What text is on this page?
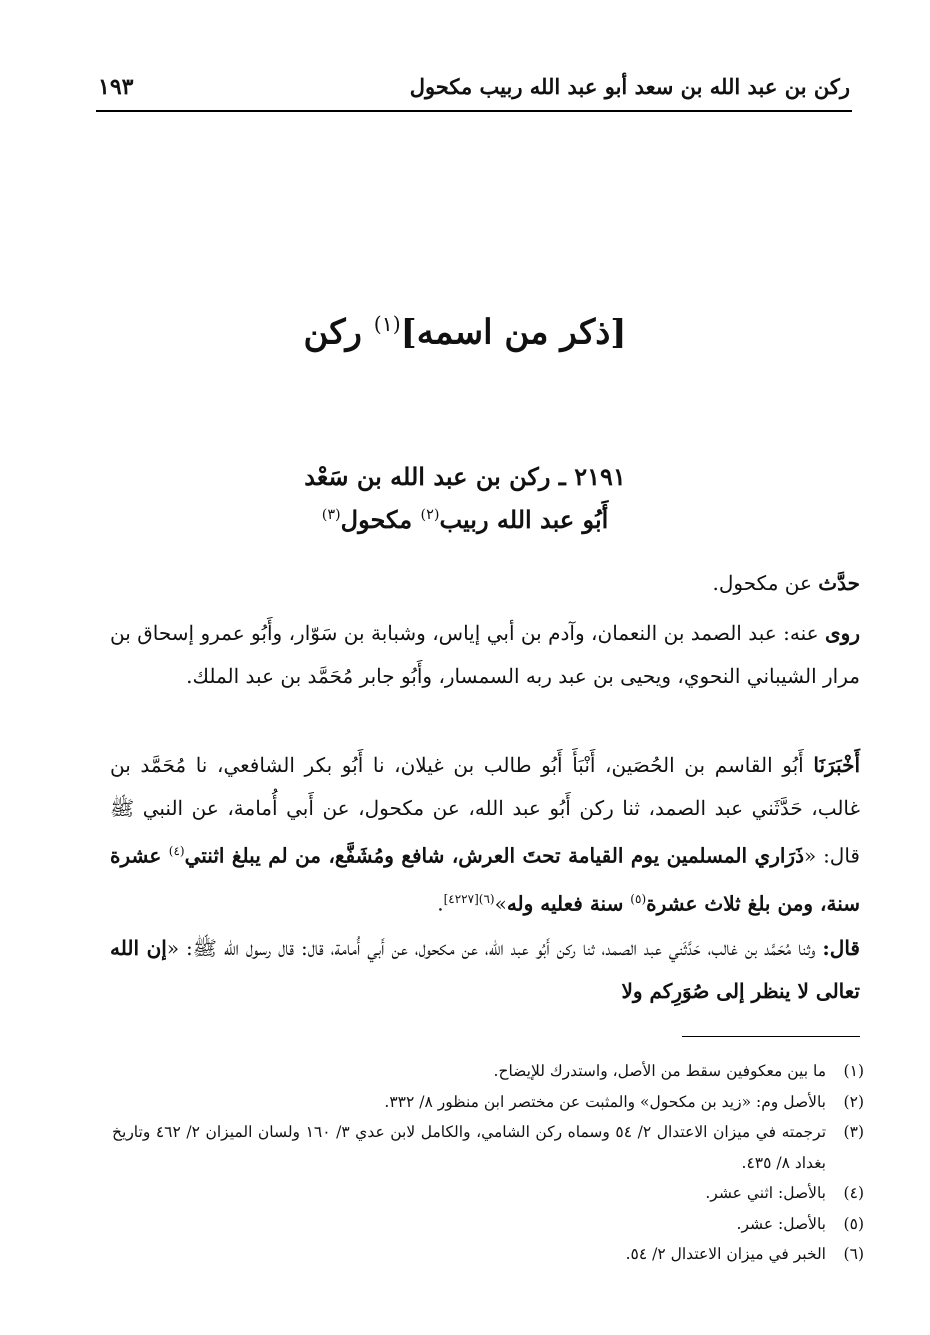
١٩٣	ركن بن عبد الله بن سعد أبو عبد الله ربيب مكحول
[ذكر من اسمه]$^{(١)}$ ركن
٢١٩١ ـ ركن بن عبد الله بن سَعْد
أَبُو عبد الله ربيب$^{(٢)}$ مكحول$^{(٣)}$
حدَّث عن مكحول.
روى عنه: عبد الصمد بن النعمان، وآدم بن أبي إياس، وشبابة بن سَوّار، وأَبُو عمرو إسحاق بن مرار الشيباني النحوي، ويحيى بن عبد ربه السمسار، وأَبُو جابر مُحَمَّد بن عبد الملك.
أَخْبَرَنَا أَبُو القاسم بن الحُصَين، أَنْبَأَ أَبُو طالب بن غيلان، نا أَبُو بكر الشافعي، نا مُحَمَّد بن غالب، حَدَّثَني عبد الصمد، ثنا ركن أَبُو عبد الله، عن مكحول، عن أَبي أُمامة، عن النبي ﷺ قال: «ذَرَاري المسلمين يوم القيامة تحتَ العرش، شافع ومُشَفَّع، من لم يبلغ اثنتي$^{(٤)}$ عشرة سنة، ومن بلغ ثلاث عشرة$^{(٥)}$ سنة فعليه وله»$^{(٦)[٤٢٢٧]}$.
قال: وثنا مُحَمَّد بن غالب، حَدَّثَني عبد الصمد، ثنا ركن أَبُو عبد الله، عن مكحول، عن أَبي أُمامة، قال: قال رسول الله ﷺ: «إن الله تعالى لا ينظر إلى صُوَرِكم ولا
(١)
ما بين معكوفين سقط من الأصل، واستدرك للإيضاح.
(٢)
بالأصل وم: «زيد بن مكحول» والمثبت عن مختصر ابن منظور ٨/ ٣٣٢.
(٣)
ترجمته في ميزان الاعتدال ٢/ ٥٤ وسماه ركن الشامي، والكامل لابن عدي ٣/ ١٦٠ ولسان الميزان ٢/ ٤٦٢ وتاريخ بغداد ٨/ ٤٣٥.
(٤)
بالأصل: اثني عشر.
(٥)
بالأصل: عشر.
(٦)
الخبر في ميزان الاعتدال ٢/ ٥٤.
